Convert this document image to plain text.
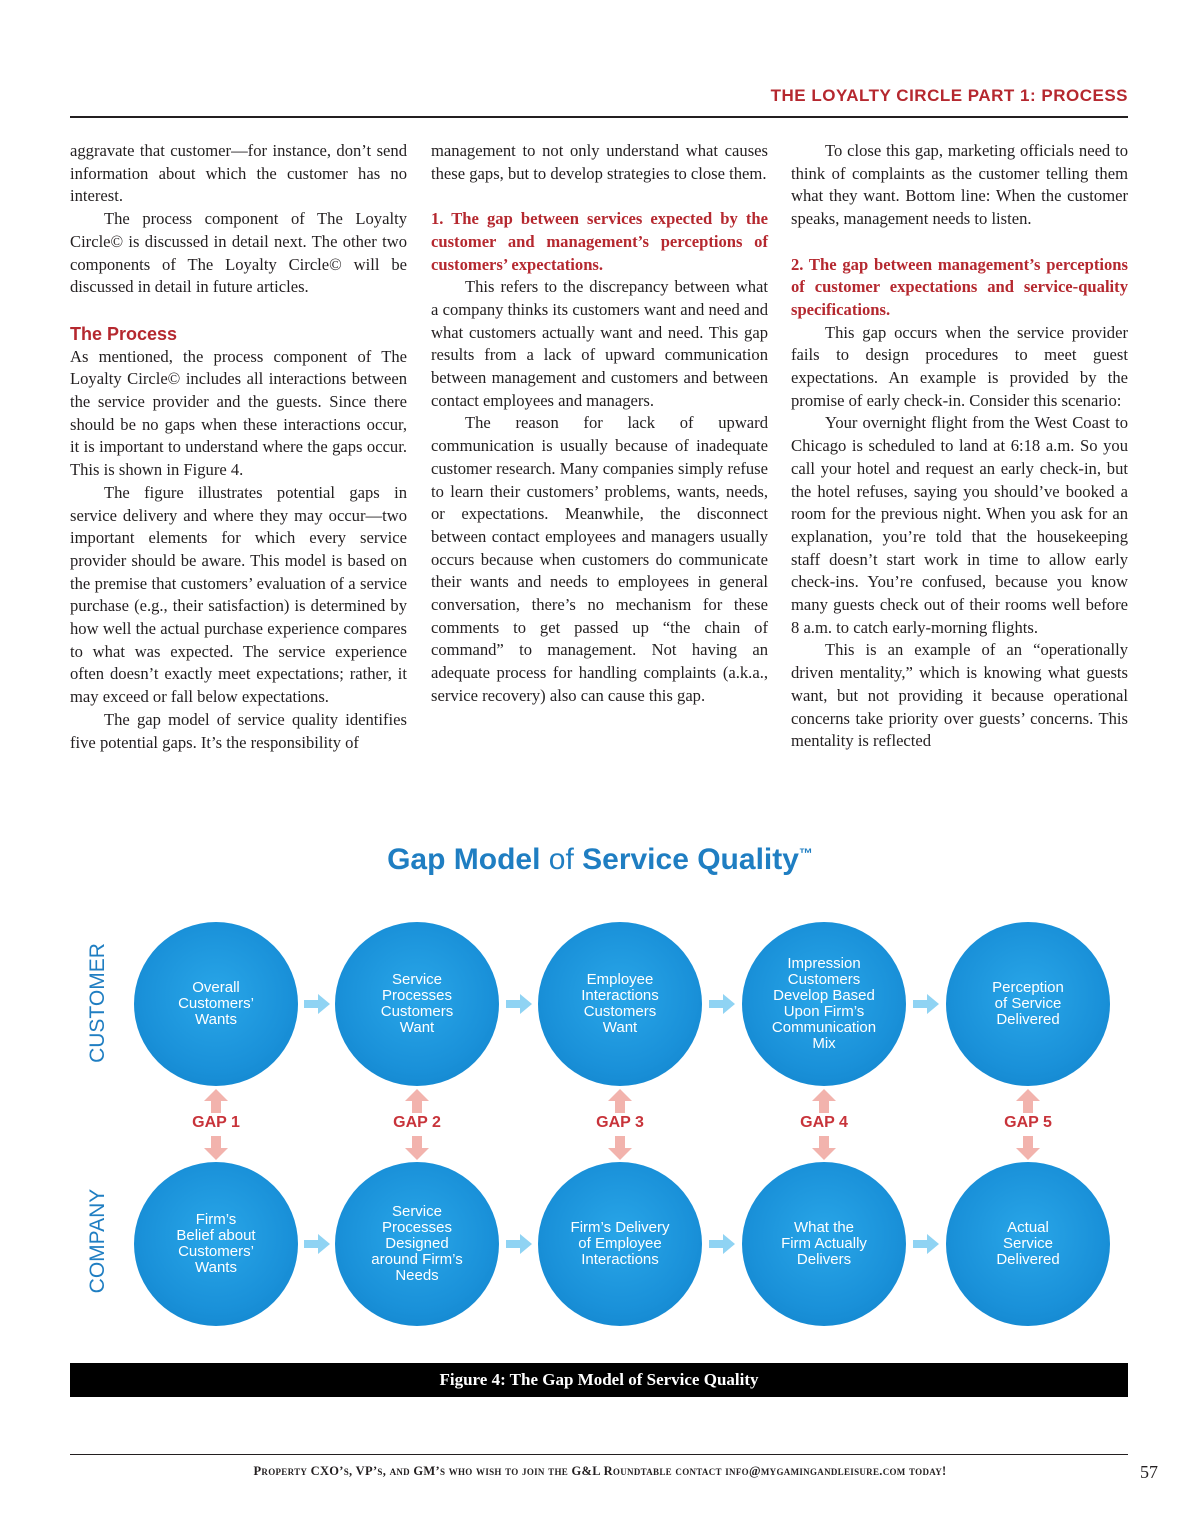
THE LOYALTY CIRCLE PART 1: PROCESS

aggravate that customer—for instance, don’t send information about which the customer has no interest.

The process component of The Loyalty Circle© is discussed in detail next. The other two components of The Loyalty Circle© will be discussed in detail in future articles.

The Process

As mentioned, the process component of The Loyalty Circle© includes all interactions between the service provider and the guests. Since there should be no gaps when these interactions occur, it is important to understand where the gaps occur. This is shown in Figure 4.

The figure illustrates potential gaps in service delivery and where they may occur—two important elements for which every service provider should be aware. This model is based on the premise that customers’ evaluation of a service purchase (e.g., their satisfaction) is determined by how well the actual purchase experience compares to what was expected. The service experience often doesn’t exactly meet expectations; rather, it may exceed or fall below expectations.

The gap model of service quality identifies five potential gaps. It’s the responsibility of

management to not only understand what causes these gaps, but to develop strategies to close them.

1. The gap between services expected by the customer and management’s perceptions of customers’ expectations.

This refers to the discrepancy between what a company thinks its customers want and need and what customers actually want and need. This gap results from a lack of upward communication between management and customers and between contact employees and managers.

The reason for lack of upward communication is usually because of inadequate customer research. Many companies simply refuse to learn their customers’ problems, wants, needs, or expectations. Meanwhile, the disconnect between contact employees and managers usually occurs because when customers do communicate their wants and needs to employees in general conversation, there’s no mechanism for these comments to get passed up “the chain of command” to management. Not having an adequate process for handling complaints (a.k.a., service recovery) also can cause this gap.

To close this gap, marketing officials need to think of complaints as the customer telling them what they want. Bottom line: When the customer speaks, management needs to listen.

2. The gap between management’s perceptions of customer expectations and service-quality specifications.

This gap occurs when the service provider fails to design procedures to meet guest expectations. An example is provided by the promise of early check-in. Consider this scenario:

Your overnight flight from the West Coast to Chicago is scheduled to land at 6:18 a.m. So you call your hotel and request an early check-in, but the hotel refuses, saying you should’ve booked a room for the previous night. When you ask for an explanation, you’re told that the housekeeping staff doesn’t start work in time to allow early check-ins. You’re confused, because you know many guests check out of their rooms well before 8 a.m. to catch early-morning flights.

This is an example of an “operationally driven mentality,” which is knowing what guests want, but not providing it because operational concerns take priority over guests’ concerns. This mentality is reflected

Gap Model of Service Quality™
CUSTOMER
COMPANY
Overall
Customers’
Wants
Service
Processes
Customers
Want
Employee
Interactions
Customers
Want
Impression
Customers
Develop Based
Upon Firm’s
Communication
Mix
Perception
of Service
Delivered
Firm’s
Belief about
Customers’
Wants
Service
Processes
Designed
around Firm’s
Needs
Firm’s Delivery
of Employee
Interactions
What the
Firm Actually
Delivers
Actual
Service
Delivered
GAP 1	GAP 2	GAP 3	GAP 4	GAP 5
Figure 4: The Gap Model of Service Quality
Property CXO’s, VP’s, and GM’s who wish to join the G&L Roundtable contact info@mygamingandleisure.com today!	57
